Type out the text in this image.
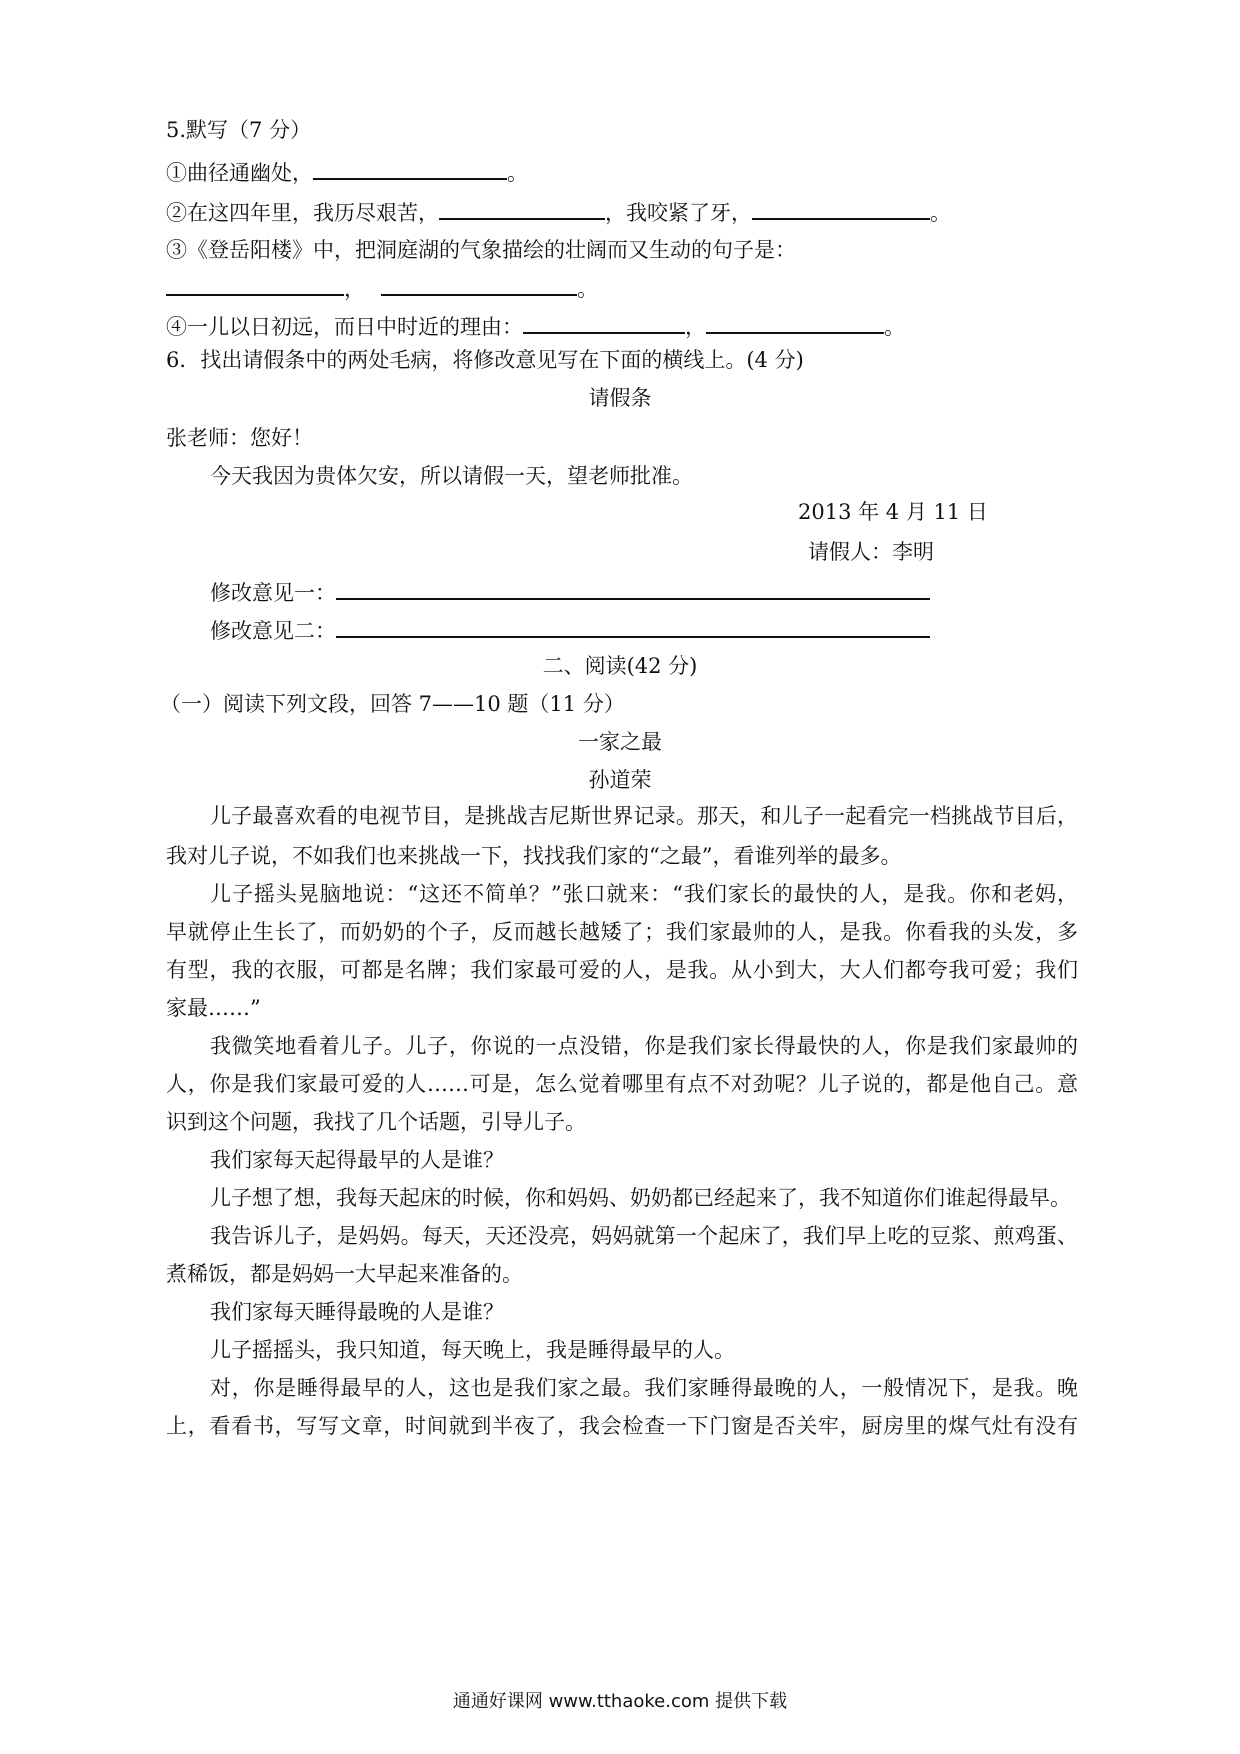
5.默写（7 分）
①曲径通幽处，	。
②在这四年里，我历尽艰苦，	，我咬紧了牙，	。
③《登岳阳楼》中，把洞庭湖的气象描绘的壮阔而又生动的句子是：
，	。
④一儿以日初远，而日中时近的理由：	，	。
6．找出请假条中的两处毛病，将修改意见写在下面的横线上。(4 分)
请假条
张老师：您好！
今天我因为贵体欠安，所以请假一天，望老师批准。
2013 年 4 月 11 日
请假人：李明
修改意见一：
修改意见二：
二、阅读(42 分)
（一）阅读下列文段，回答 7——10 题（11 分）
一家之最
孙道荣
儿子最喜欢看的电视节目，是挑战吉尼斯世界记录。那天，和儿子一起看完一档挑战节目后，
我对儿子说，不如我们也来挑战一下，找找我们家的“之最”，看谁列举的最多。
儿子摇头晃脑地说：“这还不简单？”张口就来：“我们家长的最快的人，是我。你和老妈，
早就停止生长了，而奶奶的个子，反而越长越矮了；我们家最帅的人，是我。你看我的头发，多
有型，我的衣服，可都是名牌；我们家最可爱的人，是我。从小到大，大人们都夸我可爱；我们
家最……”
我微笑地看着儿子。儿子，你说的一点没错，你是我们家长得最快的人，你是我们家最帅的
人，你是我们家最可爱的人……可是，怎么觉着哪里有点不对劲呢？儿子说的，都是他自己。意
识到这个问题，我找了几个话题，引导儿子。
我们家每天起得最早的人是谁？
儿子想了想，我每天起床的时候，你和妈妈、奶奶都已经起来了，我不知道你们谁起得最早。
我告诉儿子，是妈妈。每天，天还没亮，妈妈就第一个起床了，我们早上吃的豆浆、煎鸡蛋、
煮稀饭，都是妈妈一大早起来准备的。
我们家每天睡得最晚的人是谁？
儿子摇摇头，我只知道，每天晚上，我是睡得最早的人。
对，你是睡得最早的人，这也是我们家之最。我们家睡得最晚的人，一般情况下，是我。晚
上，看看书，写写文章，时间就到半夜了，我会检查一下门窗是否关牢，厨房里的煤气灶有没有
通通好课网 www.tthaoke.com 提供下载
